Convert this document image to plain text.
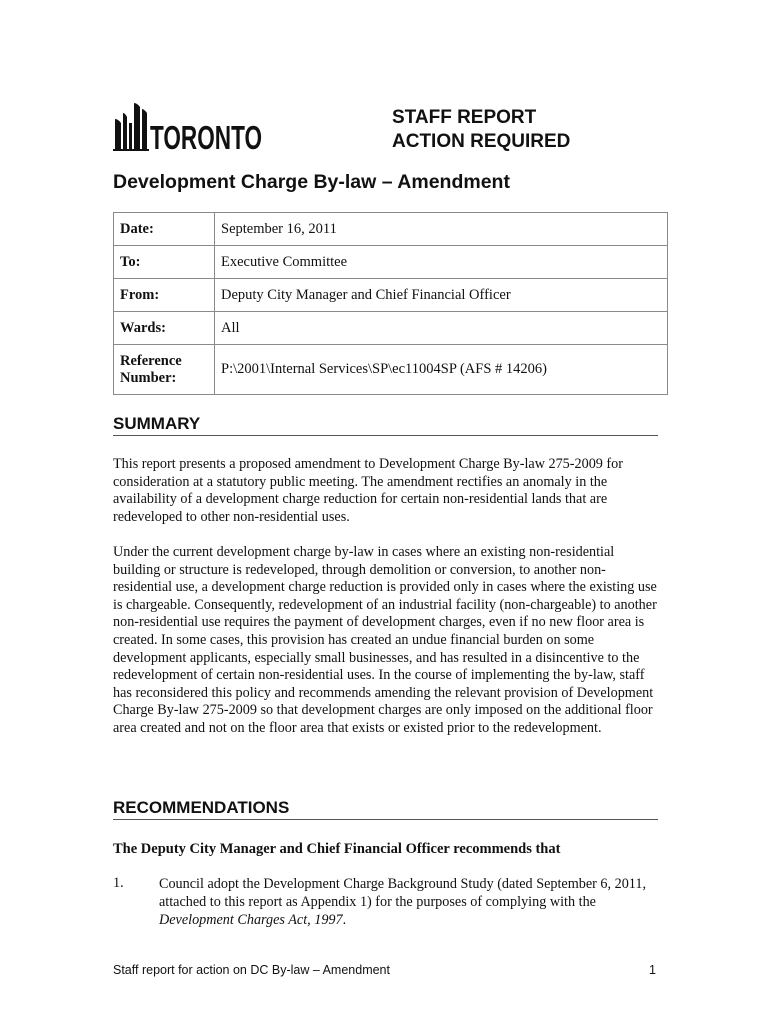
TORONTO
STAFF REPORT
ACTION REQUIRED
Development Charge By-law – Amendment
Date:	September 16, 2011
To:	Executive Committee
From:	Deputy City Manager and Chief Financial Officer
Wards:	All

Reference
Number:	P:\2001\Internal Services\SP\ec11004SP (AFS # 14206)
SUMMARY
This report presents a proposed amendment to Development Charge By-law 275-2009 for consideration at a statutory public meeting. The amendment rectifies an anomaly in the availability of a development charge reduction for certain non-residential lands that are redeveloped to other non-residential uses.
Under the current development charge by-law in cases where an existing non-residential building or structure is redeveloped, through demolition or conversion, to another non-residential use, a development charge reduction is provided only in cases where the existing use is chargeable. Consequently, redevelopment of an industrial facility (non-chargeable) to another non-residential use requires the payment of development charges, even if no new floor area is created. In some cases, this provision has created an undue financial burden on some development applicants, especially small businesses, and has resulted in a disincentive to the redevelopment of certain non-residential uses. In the course of implementing the by-law, staff has reconsidered this policy and recommends amending the relevant provision of Development Charge By-law 275-2009 so that development charges are only imposed on the additional floor area created and not on the floor area that exists or existed prior to the redevelopment.
RECOMMENDATIONS
The Deputy City Manager and Chief Financial Officer recommends that
1. Council adopt the Development Charge Background Study (dated September 6, 2011, attached to this report as Appendix 1) for the purposes of complying with the Development Charges Act, 1997.
Staff report for action on DC By-law – Amendment	1
